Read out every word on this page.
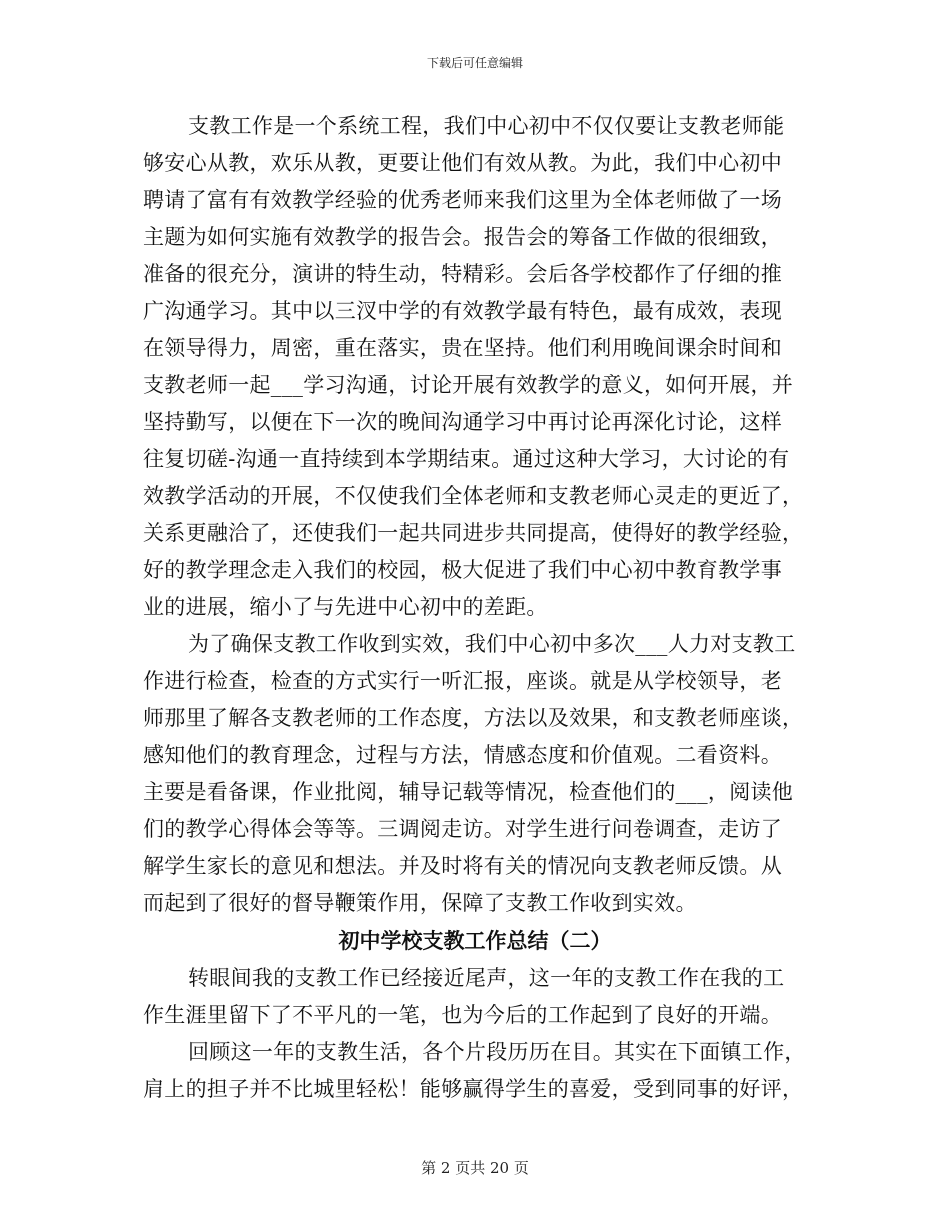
下载后可任意编辑
支教工作是一个系统工程，我们中心初中不仅仅要让支教老师能
够安心从教，欢乐从教，更要让他们有效从教。为此，我们中心初中
聘请了富有有效教学经验的优秀老师来我们这里为全体老师做了一场
主题为如何实施有效教学的报告会。报告会的筹备工作做的很细致，
准备的很充分，演讲的特生动，特精彩。会后各学校都作了仔细的推
广沟通学习。其中以三汊中学的有效教学最有特色，最有成效，表现
在领导得力，周密，重在落实，贵在坚持。他们利用晚间课余时间和
支教老师一起___学习沟通，讨论开展有效教学的意义，如何开展，并
坚持勤写，以便在下一次的晚间沟通学习中再讨论再深化讨论，这样
往复切磋-沟通一直持续到本学期结束。通过这种大学习，大讨论的有
效教学活动的开展，不仅使我们全体老师和支教老师心灵走的更近了，
关系更融洽了，还使我们一起共同进步共同提高，使得好的教学经验，
好的教学理念走入我们的校园，极大促进了我们中心初中教育教学事
业的进展，缩小了与先进中心初中的差距。
为了确保支教工作收到实效，我们中心初中多次___人力对支教工
作进行检查，检查的方式实行一听汇报，座谈。就是从学校领导，老
师那里了解各支教老师的工作态度，方法以及效果，和支教老师座谈，
感知他们的教育理念，过程与方法，情感态度和价值观。二看资料。
主要是看备课，作业批阅，辅导记载等情况，检查他们的___，阅读他
们的教学心得体会等等。三调阅走访。对学生进行问卷调查，走访了
解学生家长的意见和想法。并及时将有关的情况向支教老师反馈。从
而起到了很好的督导鞭策作用，保障了支教工作收到实效。
初中学校支教工作总结（二）
转眼间我的支教工作已经接近尾声，这一年的支教工作在我的工
作生涯里留下了不平凡的一笔，也为今后的工作起到了良好的开端。
回顾这一年的支教生活，各个片段历历在目。其实在下面镇工作，
肩上的担子并不比城里轻松！能够赢得学生的喜爱，受到同事的好评，
第 2 页共 20 页
